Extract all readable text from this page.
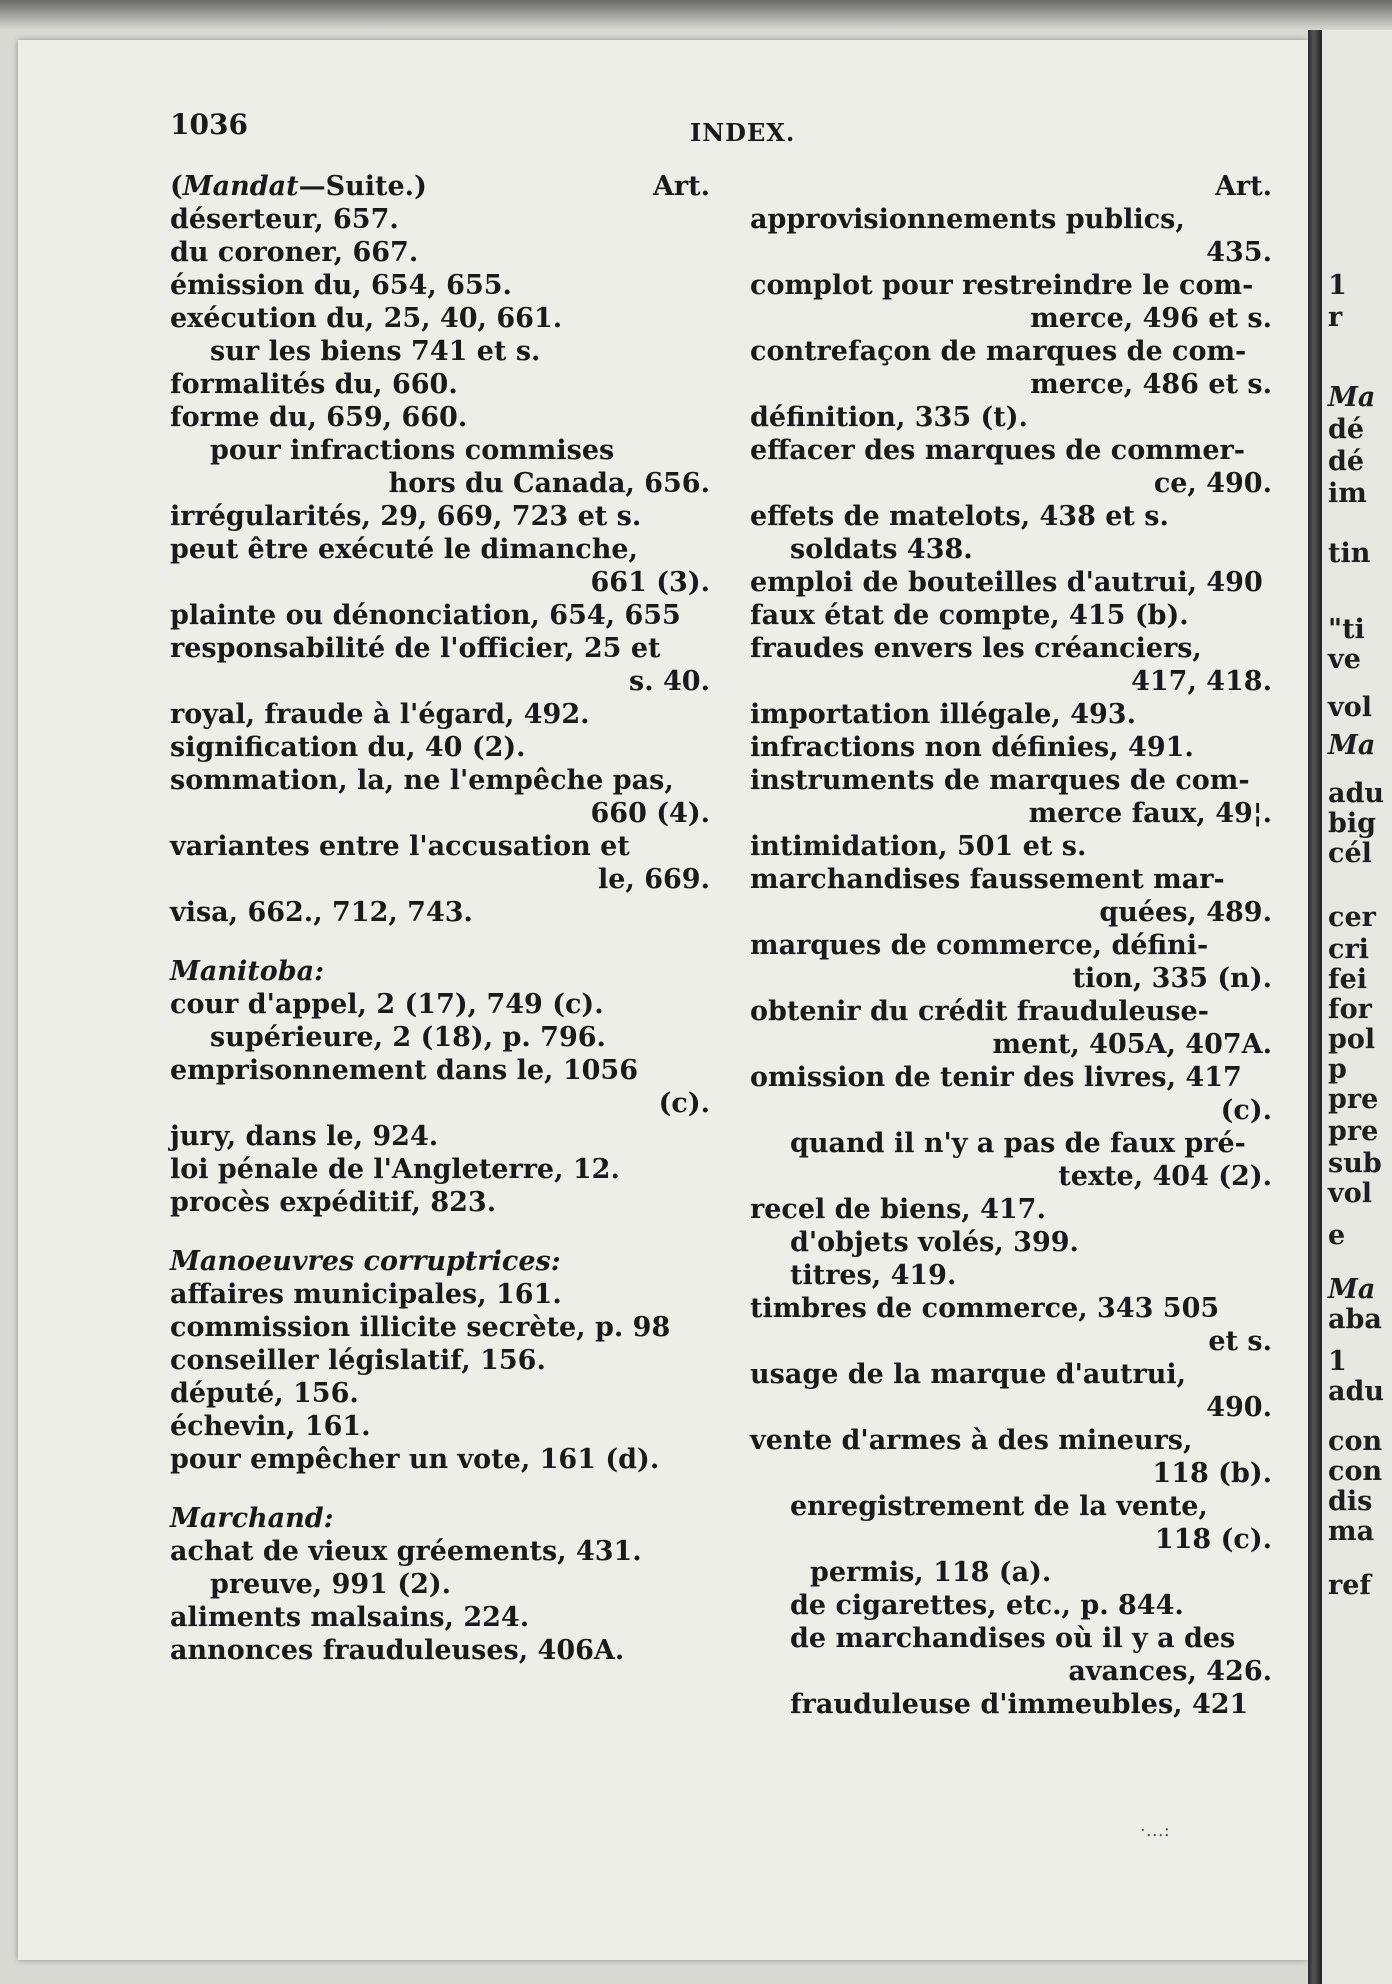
1
r
Ma
dé
dé
im
tin
"ti
ve
vol
Ma
adu
big
cél
cer
cri
fei
for
pol
p
pre
pre
sub
vol
e
Ma
aba
1
adu
con
con
dis
ma
ref
1036	INDEX.
(Mandat—Suite.)	Art.
déserteur, 657.
du coroner, 667.
émission du, 654, 655.
exécution du, 25, 40, 661.
sur les biens 741 et s.
formalités du, 660.
forme du, 659, 660.
pour infractions commises
hors du Canada, 656.
irrégularités, 29, 669, 723 et s.
peut être exécuté le dimanche,
661 (3).
plainte ou dénonciation, 654, 655
responsabilité de l'officier, 25 et
s. 40.
royal, fraude à l'égard, 492.
signification du, 40 (2).
sommation, la, ne l'empêche pas,
660 (4).
variantes entre l'accusation et
le, 669.
visa, 662., 712, 743.
Manitoba:
cour d'appel, 2 (17), 749 (c).
supérieure, 2 (18), p. 796.
emprisonnement dans le, 1056
(c).
jury, dans le, 924.
loi pénale de l'Angleterre, 12.
procès expéditif, 823.
Manoeuvres corruptrices:
affaires municipales, 161.
commission illicite secrète, p. 98
conseiller législatif, 156.
député, 156.
échevin, 161.
pour empêcher un vote, 161 (d).
Marchand:
achat de vieux gréements, 431.
preuve, 991 (2).
aliments malsains, 224.
annonces frauduleuses, 406A.
Art.
approvisionnements publics,
435.
complot pour restreindre le com-
merce, 496 et s.
contrefaçon de marques de com-
merce, 486 et s.
définition, 335 (t).
effacer des marques de commer-
ce, 490.
effets de matelots, 438 et s.
soldats 438.
emploi de bouteilles d'autrui, 490
faux état de compte, 415 (b).
fraudes envers les créanciers,
417, 418.
importation illégale, 493.
infractions non définies, 491.
instruments de marques de com-
merce faux, 49¦.
intimidation, 501 et s.
marchandises faussement mar-
quées, 489.
marques de commerce, défini-
tion, 335 (n).
obtenir du crédit frauduleuse-
ment, 405A, 407A.
omission de tenir des livres, 417
(c).
quand il n'y a pas de faux pré-
texte, 404 (2).
recel de biens, 417.
d'objets volés, 399.
titres, 419.
timbres de commerce, 343 505
et s.
usage de la marque d'autrui,
490.
vente d'armes à des mineurs,
118 (b).
enregistrement de la vente,
118 (c).
permis, 118 (a).
de cigarettes, etc., p. 844.
de marchandises où il y a des
avances, 426.
frauduleuse d'immeubles, 421
·…:
